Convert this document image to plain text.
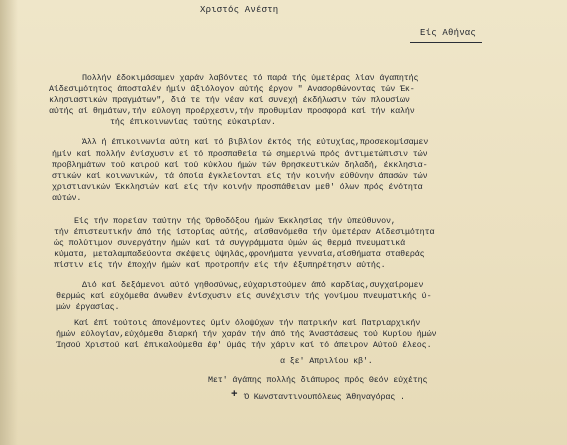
Χριστός Ανέστη
Είς Αθήνας
Πολλήν έδοκιμάσαμεν χαράν λαβόντες τό παρά τής ύμετέρας λίαν άγαπητής
Αίδεσιμότητος άποσταλέν ήμίν άξιόλογον αύτής έργον " Ανασορθώνοντας τών Έκ-
κλησιαστικών πραγμάτων", διά τε τήν νέαν καί συνεχή έκδήλωσιν τών πλουσίων
αύτής αί θημάτων,τήν εύλογη προέρχεσιν,τήν προθυμίαν προσφορά καί τήν καλήν
τής έπικοινωνίας ταύτης εύκαιρίαν.
Άλλ ή έπικοινωνία αύτη καί τό βιβλίον έκτός τής εύτυχίας,προσεκομίσαμεν
ήμίν καί πολλήν ένίσχυσιν εί τό προσπαθεία τώ σημερινώ πρός άντιμετώπισιν τών
προβλημάτων τού καιρού καί τού κύκλου ήμών τών θρησκευτικών δηλαδή, έκκλησια-
στικών καί κοινωνικών, τά όποία έγκλείονται είς τήν κοινήν εύθύνην άπασών τών
χριστιανικών Έκκλησιών καί είς τήν κοινήν προσπάθειαν μεθ' όλων πρός ένότητα
αύτών.
Είς τήν πορείαν ταύτην τής Όρθοδόξου ήμών Έκκλησίας τήν ύπεύθυνον,
τήν έπιστευτικήν άπό τής ίστορίας αύτής, αίσθανόμεθα τήν ύμετέραν Αίδεσιμότητα
ώς πολύτιμον συνεργάτην ήμών καί τά συγγράμματα ύμών ώς θερμά πνευματικά
κύματα, μεταλαμπαδεύοντα σκέψεις ύψηλάς,φρονήματα γενναία,αίσθήματα σταθεράς
πίστιν είς τήν έποχήν ήμών καί προτροπήν είς τήν έξυπηρέτησιν αύτής.
Διό καί δεξάμενοι αύτό γηθοσύνως,εύχαριστούμεν άπό καρδίας,συγχαίρομεν
θερμώς καί εύχόμεθα άνωθεν ένίσχυσιν είς συνέχισιν τής γονίμου πνευματικής ύ-
μών έργασίας.
Καί έπί τούτοις άπονέμοντες ύμίν όλοψύχων τήν πατρικήν καί Πατριαρχικήν
ήμών εύλογίαν,εύχόμεθα διαρκή τήν χαράν τήν άπό τής Άναστάσεως τού Κυρίου ήμών
Ίησού Χριστού καί έπικαλούμεθα έφ' ύμάς τήν χάριν καί τό άπειρον Αύτού έλεος.
α ξε' Απριλίου κβ'.
Μετ' άγάπης πολλής διάπυρος πρός Θεόν εύχέτης
+ Ό Κωνσταντινουπόλεως Άθηναγόρας .
